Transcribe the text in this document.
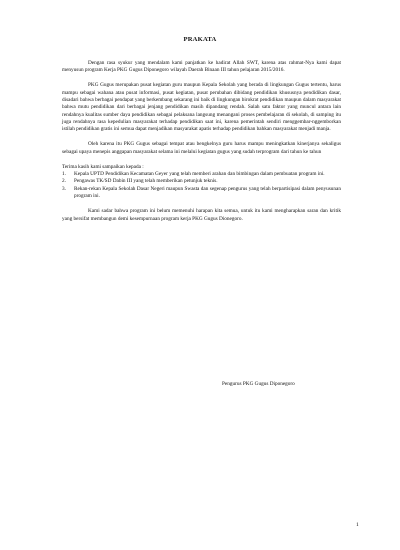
PRAKATA

Dengan rasa syukur yang mendalam kami panjatkan ke hadirat Allah SWT, karena atas rahmat-Nya kami dapat menyusun program Kerja PKG Gugus Diponegoro wilayah Daerah Binaan III tahun pelajaran 2015/2016.

PKG Gugus merupakan pusat kegiatan guru maupun Kepala Sekolah yang berada di lingkungan Gugus tertentu, harus mampu sebagai wahana atau pusat informasi, pusat kegiatan, pusat perubahan dibidang pendidikan khususnya pendidikan dasar, disadari bahwa berbagai pendapat yang berkembang sekarang ini baik di lingkungan birokrat pendidikan maupun dalam masyarakat bahwa mutu pendidikan dari berbagai jenjang pendidikan masih dipandang rendah. Salah satu faktor yang muncul antara lain rendahnya kualitas sumber daya pendidikan sebagai pelaksana langsung menangani proses pembelajaran di sekolah, di samping itu juga rendahnya rasa kepedulian masyarakat terhadap pendidikan saat ini, karena pemerintah sendiri menggembar-nggemborkan istilah pendidikan gratis ini semua dapat menjadikan masyarakat apatis terhadap pendidikan bahkan masyarakat menjadi manja.

Oleh karena itu PKG Gugus sebagai tempat atau bengkelnya guru harus mampu meningkatkan kinerjanya sekaligus sebagai upaya menepis anggapan masyarakat selama ini melalui kegiatan gugus yang sudah terprogram dari tahun ke tahun

Terima kasih kami sampaikan kepada :

1.	Kepala UPTD Pendidikan Kecamatan Geyer yang telah memberi arahan dan bimbingan dalam pembuatan program ini.
2.	Pengawas TK/SD Dabin III yang telah memberikan petunjuk teknis.
3.	Rekan-rekan Kepala Sekolah Dasar Negeri maupun Swasta dan segenap pengurus yang telah berpartisipasi dalam penyusunan program ini.

Kami sadar bahwa program ini belum memenuhi harapan kita semua, untuk itu kami mengharapkan saran dan kritik yang bersifat membangun demi kesempurnaan program kerja PKG Gugus Dionegoro.

Pengurus PKG Gugus Diponegoro
1
